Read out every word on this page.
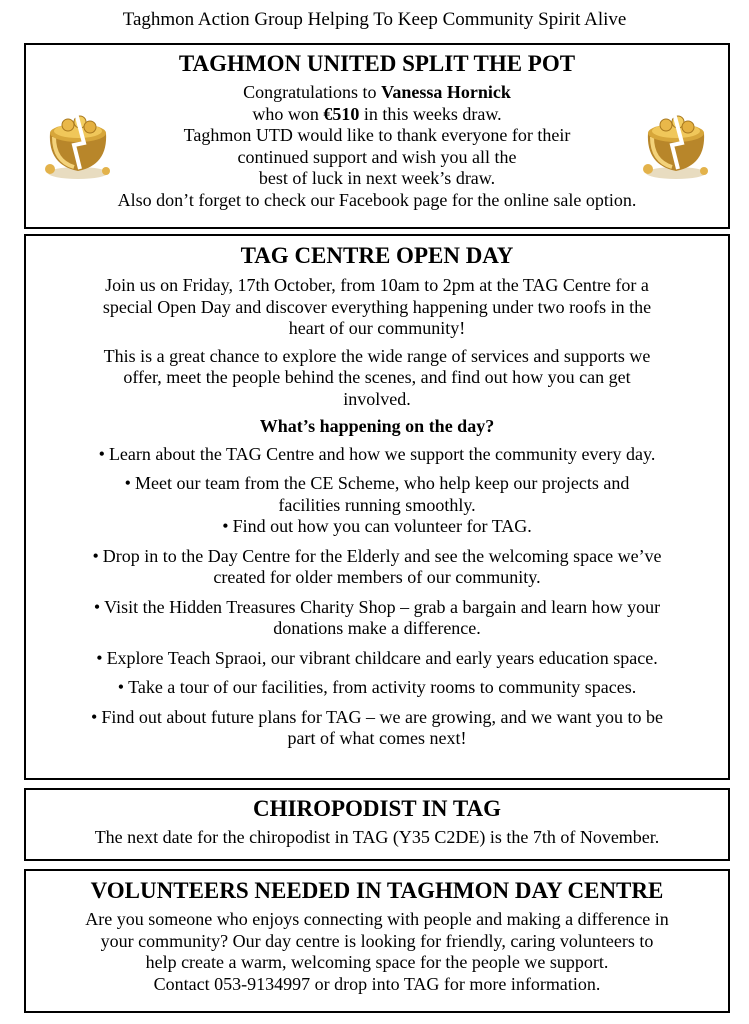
Taghmon Action Group Helping To Keep Community Spirit Alive
TAGHMON UNITED SPLIT THE POT

Congratulations to Vanessa Hornick

who won €510 in this weeks draw.

Taghmon UTD would like to thank everyone for their

continued support and wish you all the

best of luck in next week’s draw.

Also don’t forget to check our Facebook page for the online sale option.

TAG CENTRE OPEN DAY

Join us on Friday, 17th October, from 10am to 2pm at the TAG Centre for a

special Open Day and discover everything happening under two roofs in the

heart of our community!

This is a great chance to explore the wide range of services and supports we

offer, meet the people behind the scenes, and find out how you can get

involved.

What’s happening on the day?

• Learn about the TAG Centre and how we support the community every day.
• Meet our team from the CE Scheme, who help keep our projects and
facilities running smoothly.
• Find out how you can volunteer for TAG.
• Drop in to the Day Centre for the Elderly and see the welcoming space we’ve
created for older members of our community.
• Visit the Hidden Treasures Charity Shop – grab a bargain and learn how your
donations make a difference.
• Explore Teach Spraoi, our vibrant childcare and early years education space.
• Take a tour of our facilities, from activity rooms to community spaces.
• Find out about future plans for TAG – we are growing, and we want you to be
part of what comes next!
CHIROPODIST IN TAG

The next date for the chiropodist in TAG (Y35 C2DE) is the 7th of November.

VOLUNTEERS NEEDED IN TAGHMON DAY CENTRE

Are you someone who enjoys connecting with people and making a difference in

your community? Our day centre is looking for friendly, caring volunteers to

help create a warm, welcoming space for the people we support.

Contact 053-9134997 or drop into TAG for more information.
